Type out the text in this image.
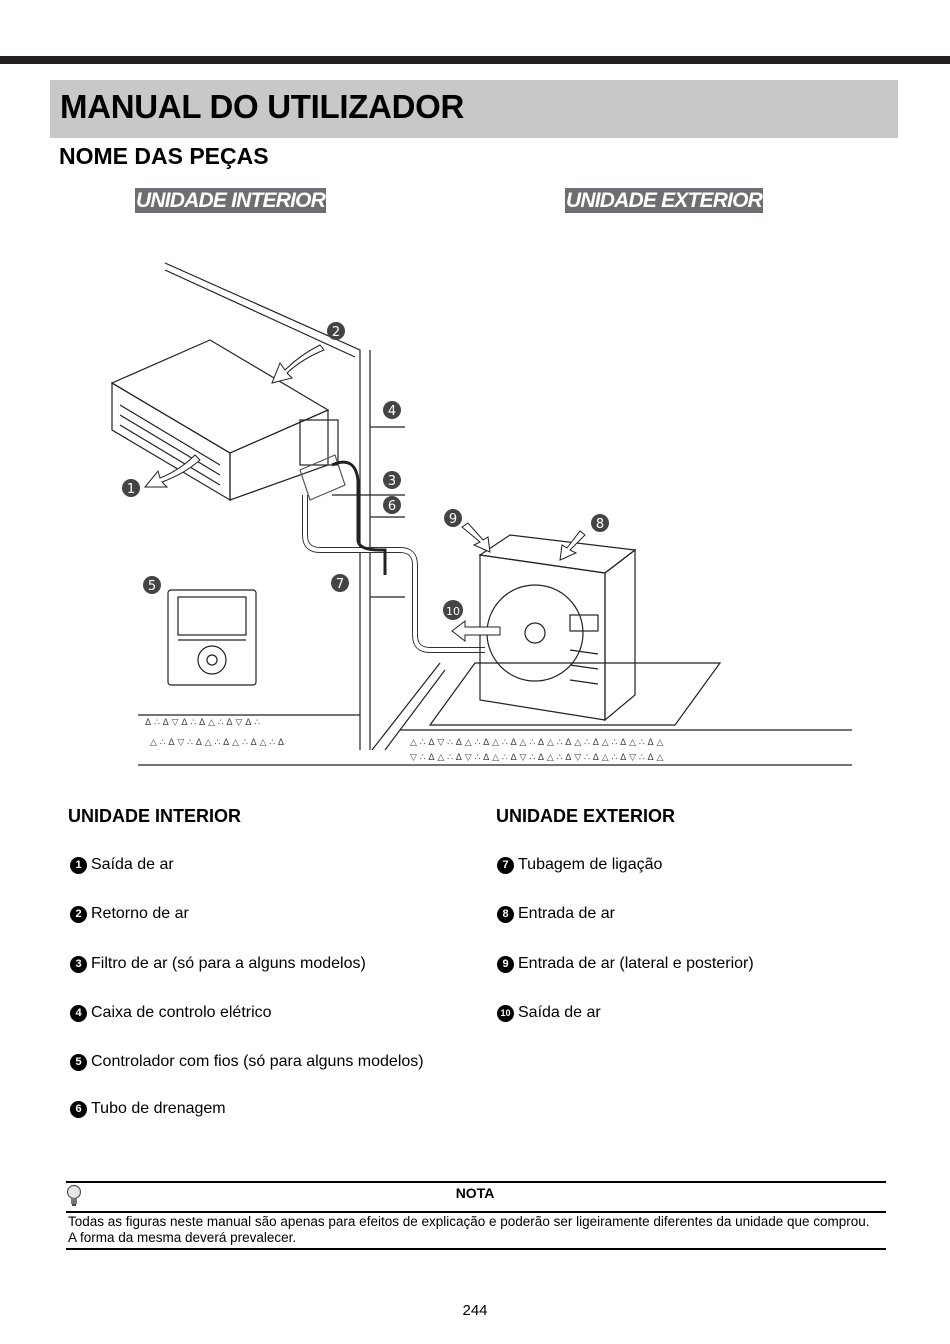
MANUAL DO UTILIZADOR
NOME DAS PEÇAS
UNIDADE INTERIOR	UNIDADE EXTERIOR
Δ ∴ Δ ▽ Δ ∴ Δ △ ∴ Δ ▽ Δ ∴
△ ∴ Δ ▽ ∴ Δ △ ∴ Δ △ ∴ Δ △ ∴ Δ	△ ∴ Δ ▽ ∴ Δ △ ∴ Δ △ ∴ Δ △ ∴ Δ △ ∴ Δ △ ∴ Δ △ ∴ Δ △ ∴ Δ △
▽ ∴ Δ △ ∴ Δ ▽ ∴ Δ △ ∴ Δ ▽ ∴ Δ △ ∴ Δ ▽ ∴ Δ △ ∴ Δ ▽ ∴ Δ △
1
2
3
4
5
6
7
8
9
10
UNIDADE INTERIOR	UNIDADE EXTERIOR
1 Saída de ar
2 Retorno de ar
3 Filtro de ar (só para a alguns modelos)
4 Caixa de controlo elétrico
5 Controlador com fios (só para alguns modelos)
6 Tubo de drenagem
7 Tubagem de ligação
8 Entrada de ar
9 Entrada de ar (lateral e posterior)
10 Saída de ar
NOTA
Todas as figuras neste manual são apenas para efeitos de explicação e poderão ser ligeiramente diferentes da unidade que comprou. A forma da mesma deverá prevalecer.
244
